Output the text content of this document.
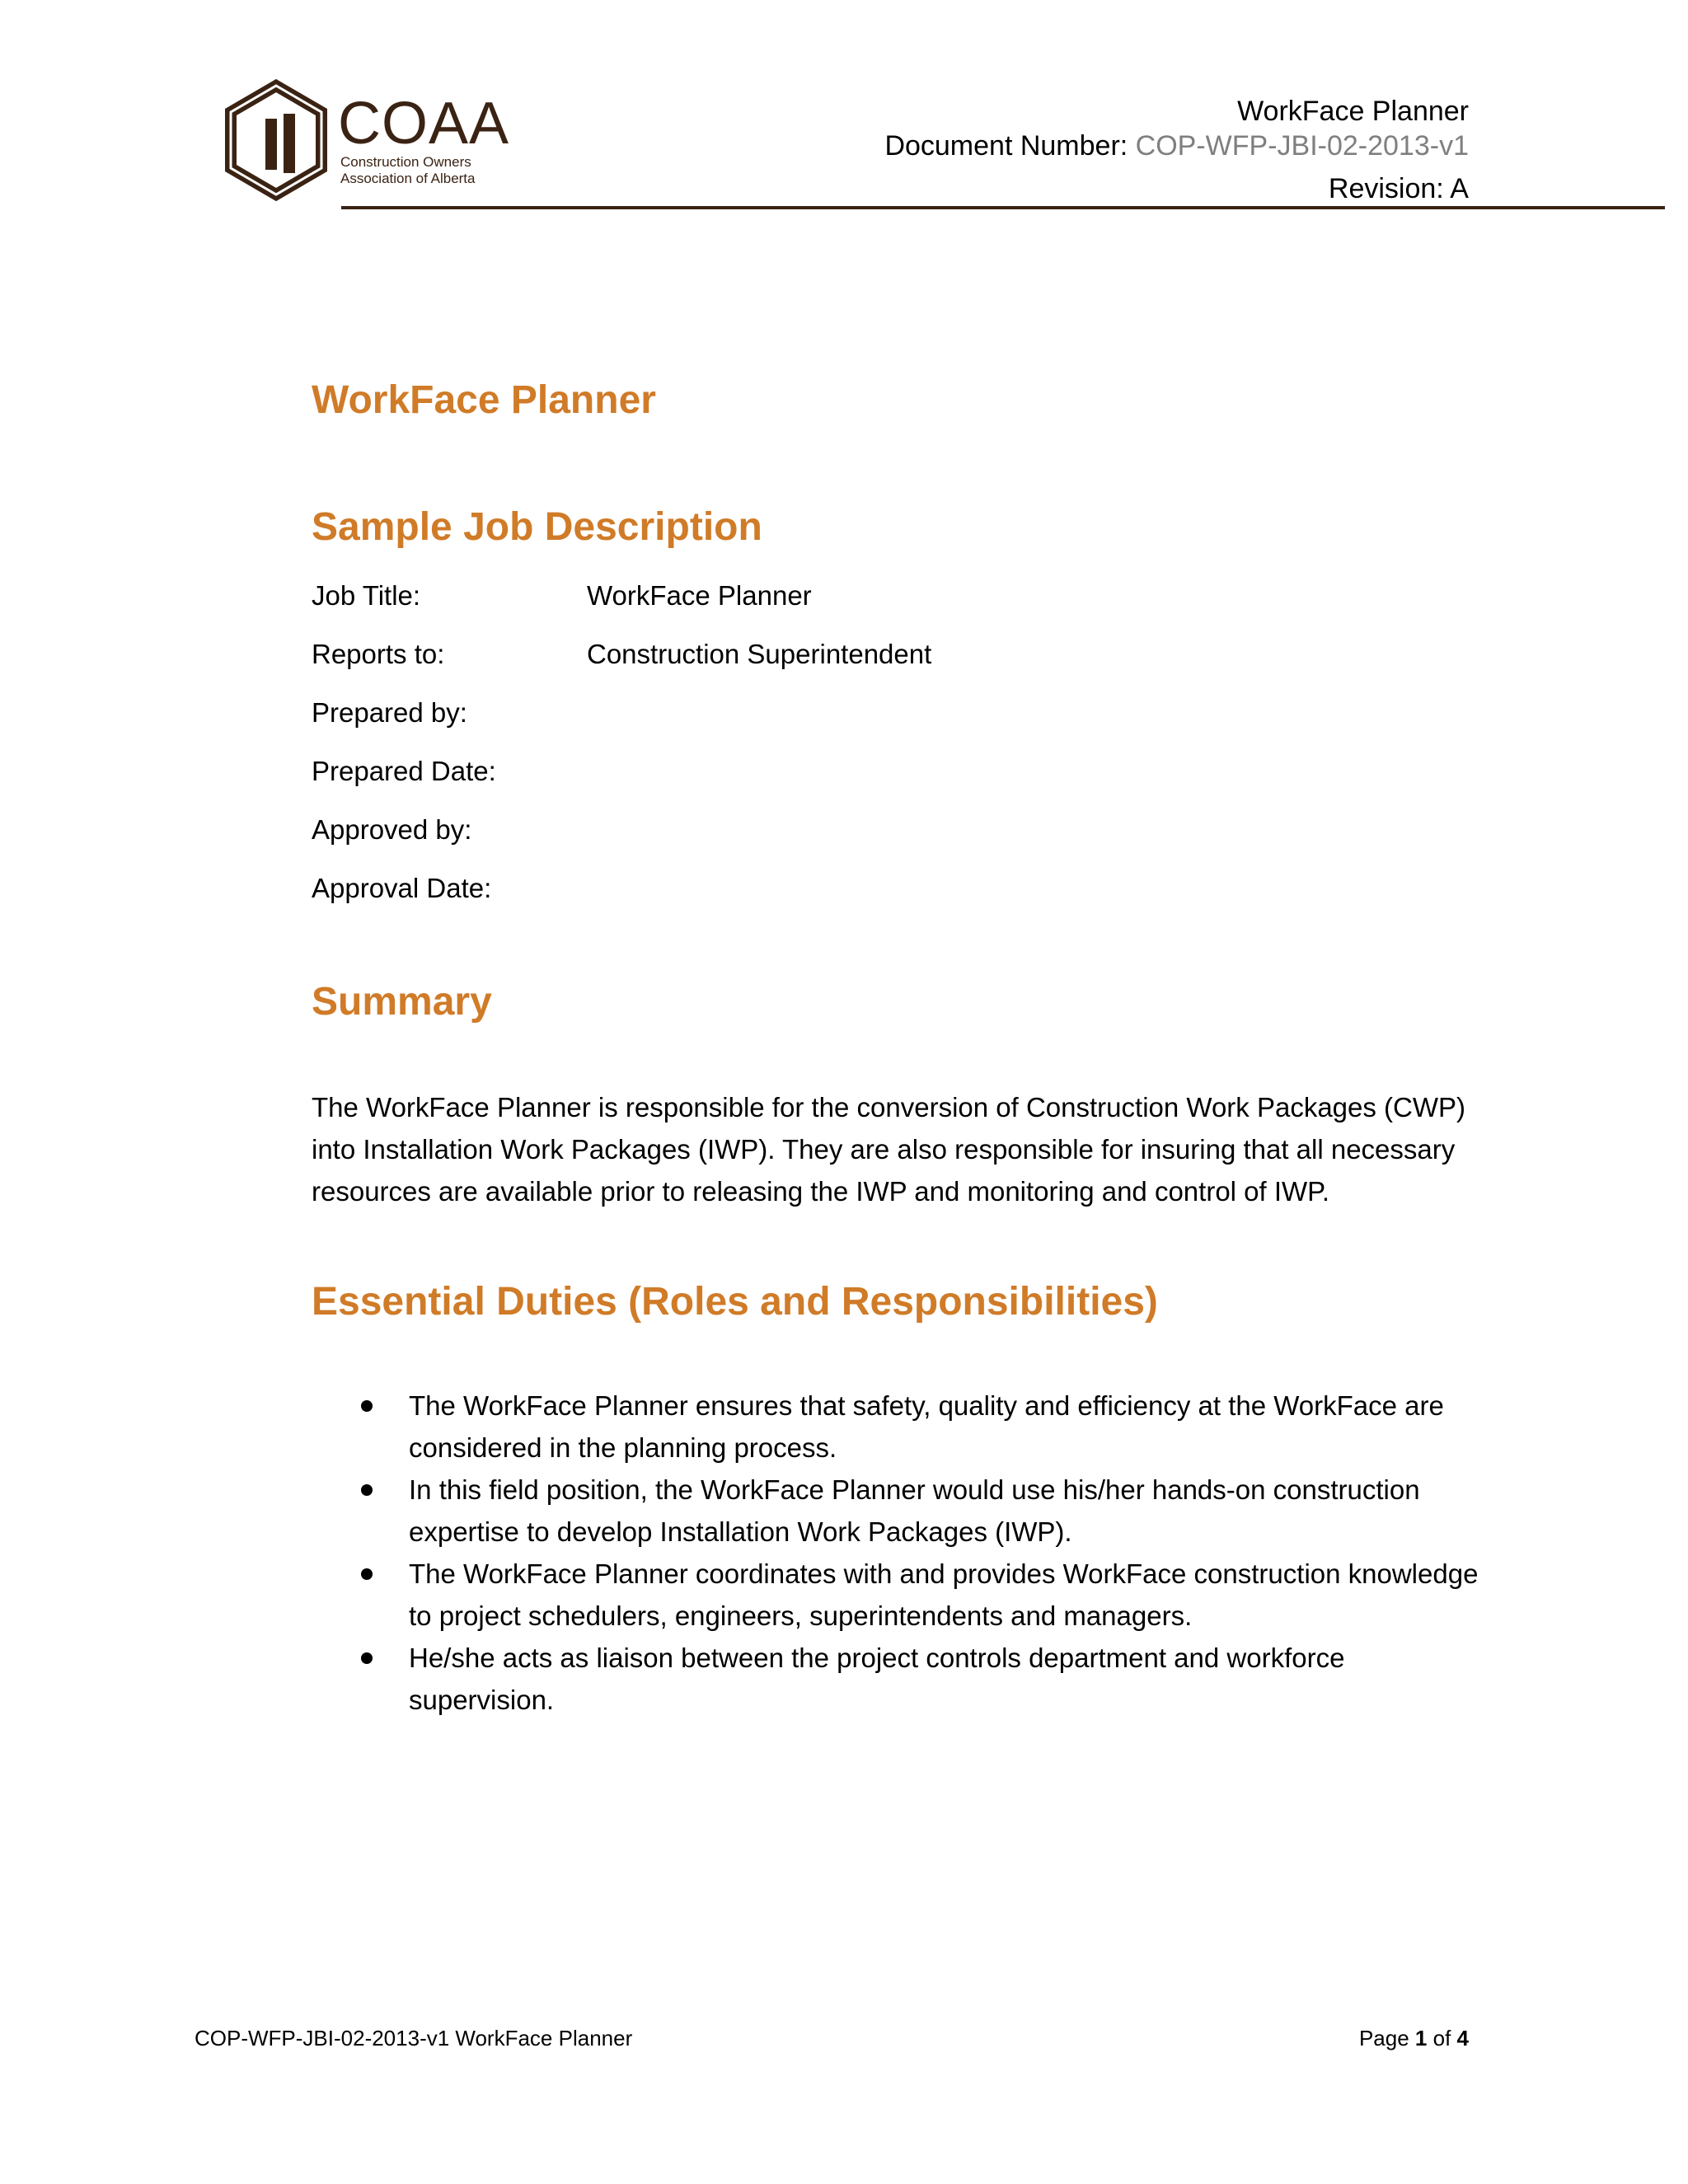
COAA
Construction Owners
Association of Alberta
WorkFace Planner
Document Number: COP-WFP-JBI-02-2013-v1
Revision: A
WorkFace Planner
Sample Job Description
Job Title:	WorkFace Planner
Reports to:	Construction Superintendent
Prepared by:
Prepared Date:
Approved by:
Approval Date:
Summary
The WorkFace Planner is responsible for the conversion of Construction Work Packages (CWP) into Installation Work Packages (IWP). They are also responsible for insuring that all necessary resources are available prior to releasing the IWP and monitoring and control of IWP.
Essential Duties (Roles and Responsibilities)
The WorkFace Planner ensures that safety, quality and efficiency at the WorkFace are considered in the planning process.
In this field position, the WorkFace Planner would use his/her hands-on construction expertise to develop Installation Work Packages (IWP).
The WorkFace Planner coordinates with and provides WorkFace construction knowledge to project schedulers, engineers, superintendents and managers.
He/she acts as liaison between the project controls department and workforce supervision.
COP-WFP-JBI-02-2013-v1 WorkFace Planner	Page 1 of 4
